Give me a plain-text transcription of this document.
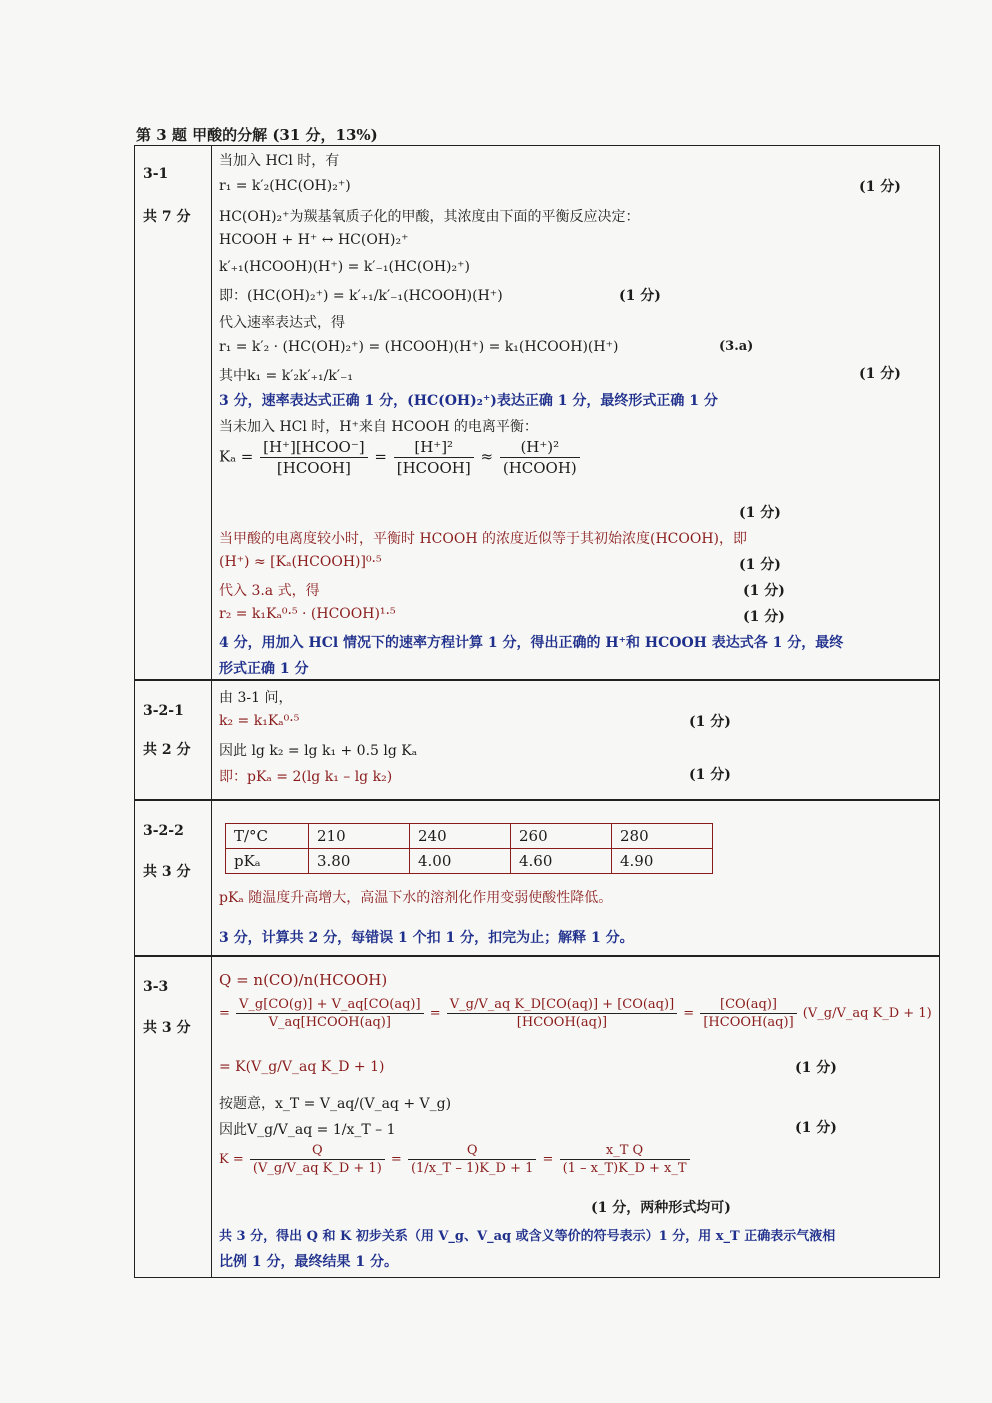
第 3 题 甲酸的分解 (31 分，13%)
3-1
共 7 分
当加入 HCl 时，有
r₁ = k′₂(HC(OH)₂⁺)	(1 分)
HC(OH)₂⁺为羰基氧质子化的甲酸，其浓度由下面的平衡反应决定：
HCOOH + H⁺ ↔ HC(OH)₂⁺
k′₊₁(HCOOH)(H⁺) = k′₋₁(HC(OH)₂⁺)
即：(HC(OH)₂⁺) = k′₊₁/k′₋₁(HCOOH)(H⁺)	(1 分)
代入速率表达式，得
r₁ = k′₂ · (HC(OH)₂⁺) = (HCOOH)(H⁺) = k₁(HCOOH)(H⁺)	(3.a)
其中k₁ = k′₂k′₊₁/k′₋₁	(1 分)
3 分，速率表达式正确 1 分，(HC(OH)₂⁺)表达正确 1 分，最终形式正确 1 分
当未加入 HCl 时，H⁺来自 HCOOH 的电离平衡：
$K_a = \frac{\text{[H⁺][HCOO⁻]}}{\text{[HCOOH]}} = \frac{\text{[H⁺]²}}{\text{[HCOOH]}} \approx \frac{\text{(H⁺)²}}{\text{(HCOOH)}}$
(1 分)
当甲酸的电离度较小时，平衡时 HCOOH 的浓度近似等于其初始浓度(HCOOH)，即
(H⁺) ≈ [Kₐ(HCOOH)]⁰·⁵	(1 分)
代入 3.a 式，得	(1 分)
r₂ = k₁Kₐ⁰·⁵ · (HCOOH)¹·⁵	(1 分)
4 分，用加入 HCl 情况下的速率方程计算 1 分，得出正确的 H⁺和 HCOOH 表达式各 1 分，最终
形式正确 1 分
3-2-1
共 2 分
由 3-1 问，
k₂ = k₁Kₐ⁰·⁵	(1 分)
因此 lg k₂ = lg k₁ + 0.5 lg Kₐ
即：pKₐ = 2(lg k₁ – lg k₂)	(1 分)
3-2-2
共 3 分
T/°C	210	240	260	280
pKₐ	3.80	4.00	4.60	4.90
pKₐ 随温度升高增大，高温下水的溶剂化作用变弱使酸性降低。
3 分，计算共 2 分，每错误 1 个扣 1 分，扣完为止；解释 1 分。
3-3
共 3 分
Q = n(CO)/n(HCOOH)
= $\frac{V\_g[CO(g)] + V\_aq[CO(aq)]}{\text{V\_aq[HCOOH(aq)]}} = \frac{\text{V\_g/V\_aq K\_D[CO(aq)] + [CO(aq)]}}{\text{[HCOOH(aq)]}} = \frac{[CO(aq)]}{\text{[HCOOH(aq)]}}$ (V_g/V_aq K_D + 1)
= K(V_g/V_aq K_D + 1)	(1 分)
按题意，x_T = V_aq/(V_aq + V_g)
因此V_g/V_aq = 1/x_T – 1	(1 分)
$K = \frac{Q}{\text{(V\_g/V\_aq K\_D + 1)}} = \frac{Q}{(1/x\_T - 1)K\_D + 1} = \frac{\text{x\_T Q}}{(1 - x\_T)K\_D + x\_T}$
(1 分，两种形式均可)
共 3 分，得出 Q 和 K 初步关系（用 V_g、V_aq 或含义等价的符号表示）1 分，用 x_T 正确表示气液相
比例 1 分，最终结果 1 分。
